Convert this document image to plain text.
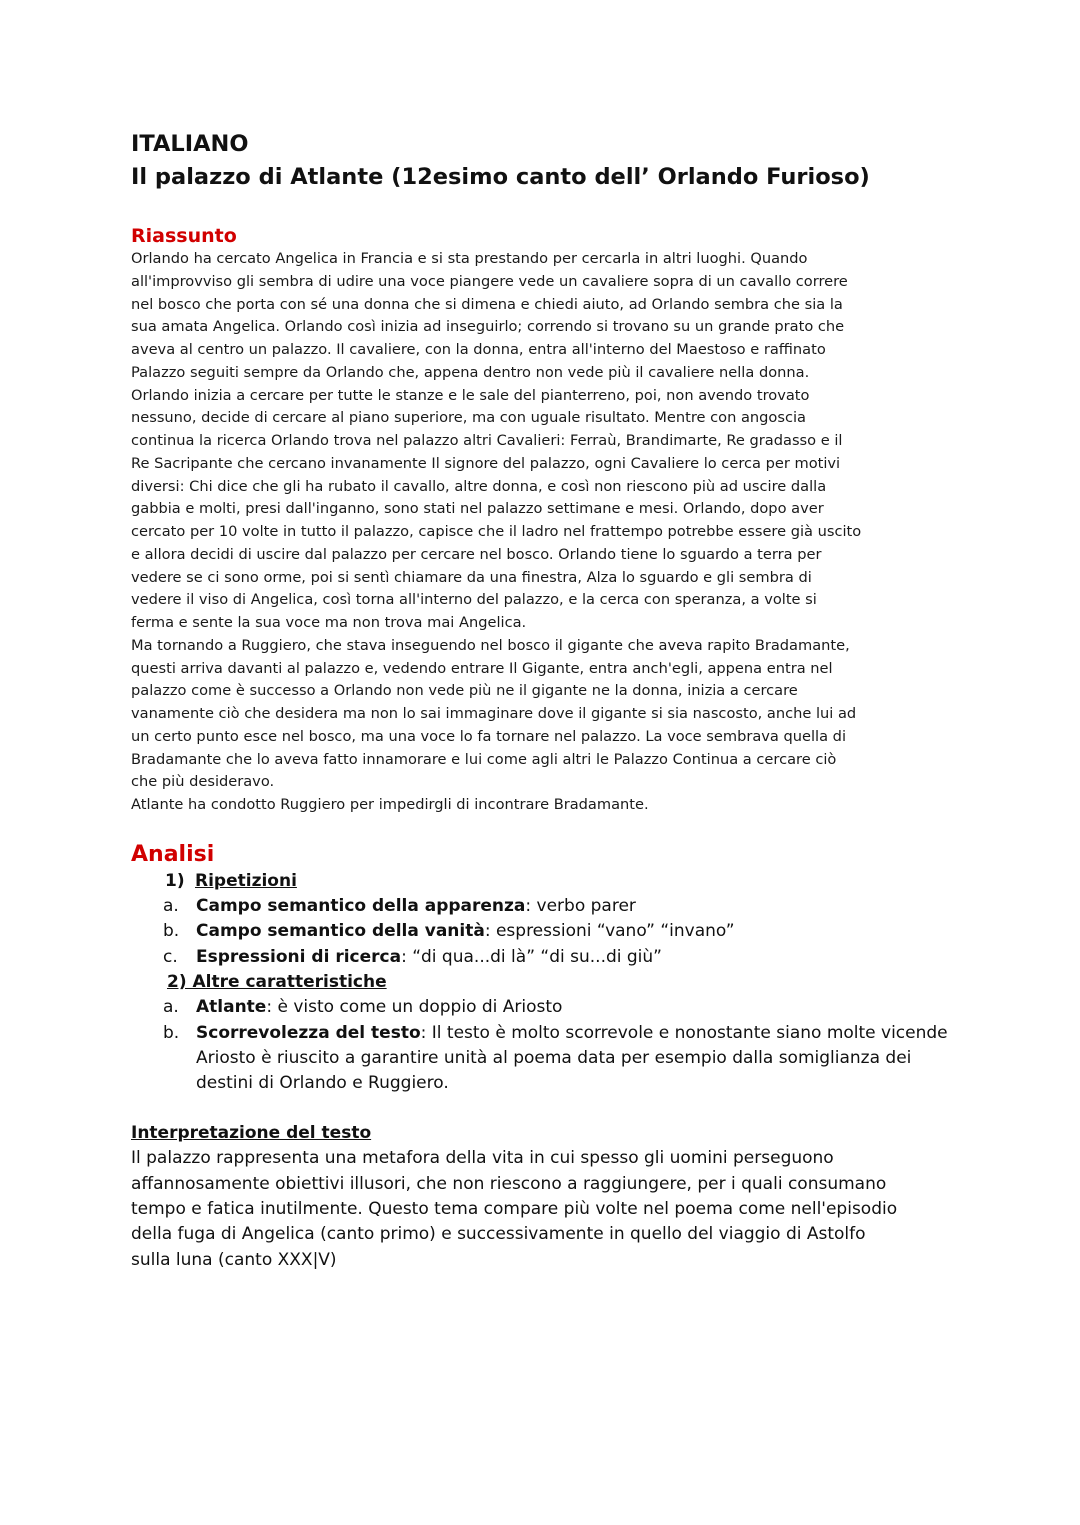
ITALIANO
Il palazzo di Atlante (12esimo canto dell’ Orlando Furioso)
Riassunto

Orlando ha cercato Angelica in Francia e si sta prestando per cercarla in altri luoghi. Quando
all'improvviso gli sembra di udire una voce piangere vede un cavaliere sopra di un cavallo correre
nel bosco che porta con sé una donna che si dimena e chiedi aiuto, ad Orlando sembra che sia la
sua amata Angelica. Orlando così inizia ad inseguirlo; correndo si trovano su un grande prato che
aveva al centro un palazzo. Il cavaliere, con la donna, entra all'interno del Maestoso e raffinato
Palazzo seguiti sempre da Orlando che, appena dentro non vede più il cavaliere nella donna.
Orlando inizia a cercare per tutte le stanze e le sale del pianterreno, poi, non avendo trovato
nessuno, decide di cercare al piano superiore, ma con uguale risultato. Mentre con angoscia
continua la ricerca Orlando trova nel palazzo altri Cavalieri: Ferraù, Brandimarte, Re gradasso e il
Re Sacripante che cercano invanamente Il signore del palazzo, ogni Cavaliere lo cerca per motivi
diversi: Chi dice che gli ha rubato il cavallo, altre donna, e così non riescono più ad uscire dalla
gabbia e molti, presi dall'inganno, sono stati nel palazzo settimane e mesi. Orlando, dopo aver
cercato per 10 volte in tutto il palazzo, capisce che il ladro nel frattempo potrebbe essere già uscito
e allora decidi di uscire dal palazzo per cercare nel bosco. Orlando tiene lo sguardo a terra per
vedere se ci sono orme, poi si sentì chiamare da una finestra, Alza lo sguardo e gli sembra di
vedere il viso di Angelica, così torna all'interno del palazzo, e la cerca con speranza, a volte si
ferma e sente la sua voce ma non trova mai Angelica.
Ma tornando a Ruggiero, che stava inseguendo nel bosco il gigante che aveva rapito Bradamante,
questi arriva davanti al palazzo e, vedendo entrare Il Gigante, entra anch'egli, appena entra nel
palazzo come è successo a Orlando non vede più ne il gigante ne la donna, inizia a cercare
vanamente ciò che desidera ma non lo sai immaginare dove il gigante si sia nascosto, anche lui ad
un certo punto esce nel bosco, ma una voce lo fa tornare nel palazzo. La voce sembrava quella di
Bradamante che lo aveva fatto innamorare e lui come agli altri le Palazzo Continua a cercare ciò
che più desideravo.
Atlante ha condotto Ruggiero per impedirgli di incontrare Bradamante.

Analisi
1) Ripetizioni
a.	Campo semantico della apparenza: verbo parer
b. Campo semantico della vanità: espressioni “vano” “invano”
c.	Espressioni di ricerca: “di qua...di là” “di su...di giù”
2) Altre caratteristiche
a.	Atlante: è visto come un doppio di Ariosto
b. Scorrevolezza del testo: Il testo è molto scorrevole e nonostante siano molte vicende Ariosto è riuscito a garantire unità al poema data per esempio dalla somiglianza dei destini di Orlando e Ruggiero.
Interpretazione del testo

Il palazzo rappresenta una metafora della vita in cui spesso gli uomini perseguono
affannosamente obiettivi illusori, che non riescono a raggiungere, per i quali consumano
tempo e fatica inutilmente. Questo tema compare più volte nel poema come nell'episodio
della fuga di Angelica (canto primo) e successivamente in quello del viaggio di Astolfo
sulla luna (canto XXX|V)
